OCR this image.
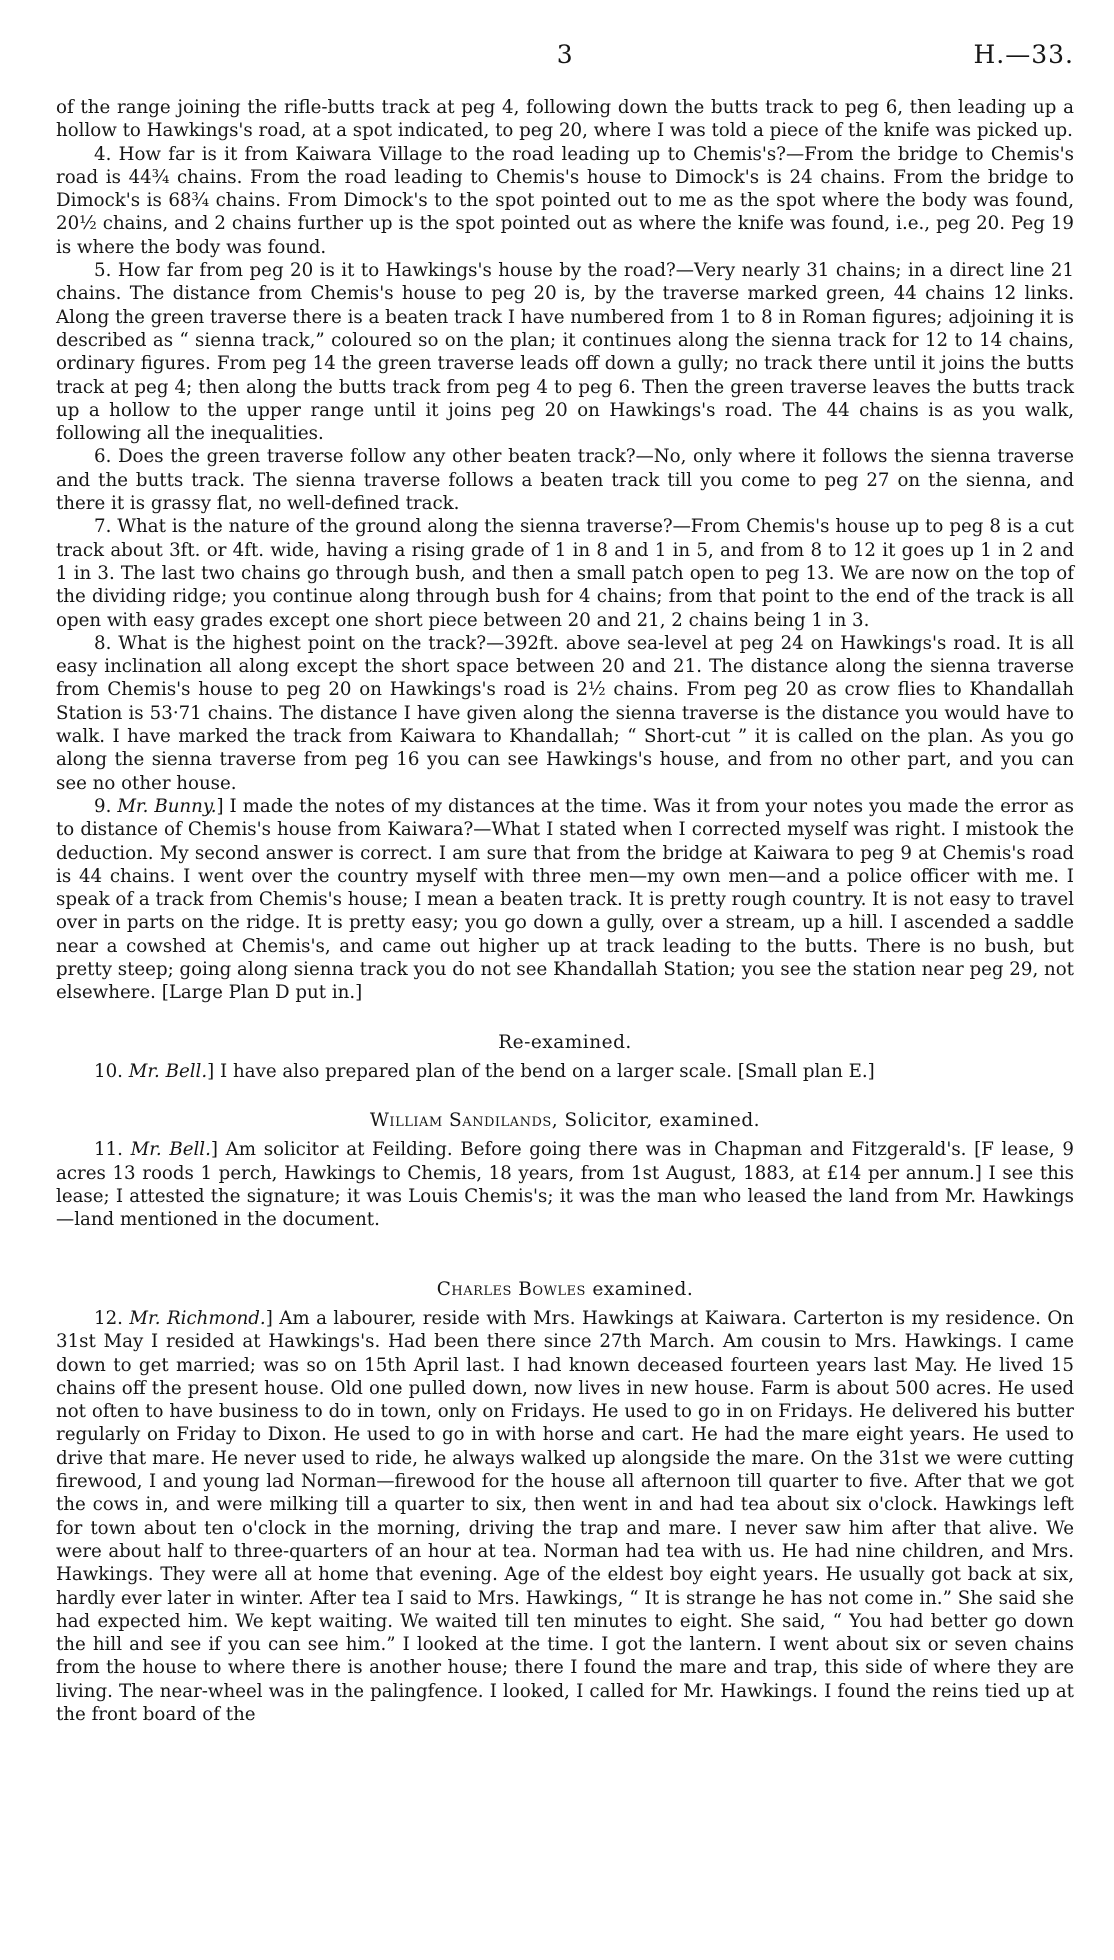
3	H.—33.

of the range joining the rifle-butts track at peg 4, following down the butts track to peg 6, then leading up a hollow to Hawkings's road, at a spot indicated, to peg 20, where I was told a piece of the knife was picked up.

4. How far is it from Kaiwara Village to the road leading up to Chemis's?—From the bridge to Chemis's road is 44¾ chains. From the road leading to Chemis's house to Dimock's is 24 chains. From the bridge to Dimock's is 68¾ chains. From Dimock's to the spot pointed out to me as the spot where the body was found, 20½ chains, and 2 chains further up is the spot pointed out as where the knife was found, i.e., peg 20. Peg 19 is where the body was found.

5. How far from peg 20 is it to Hawkings's house by the road?—Very nearly 31 chains; in a direct line 21 chains. The distance from Chemis's house to peg 20 is, by the traverse marked green, 44 chains 12 links. Along the green traverse there is a beaten track I have numbered from 1 to 8 in Roman figures; adjoining it is described as “ sienna track,” coloured so on the plan; it continues along the sienna track for 12 to 14 chains, ordinary figures. From peg 14 the green traverse leads off down a gully; no track there until it joins the butts track at peg 4; then along the butts track from peg 4 to peg 6. Then the green traverse leaves the butts track up a hollow to the upper range until it joins peg 20 on Hawkings's road. The 44 chains is as you walk, following all the inequalities.

6. Does the green traverse follow any other beaten track?—No, only where it follows the sienna traverse and the butts track. The sienna traverse follows a beaten track till you come to peg 27 on the sienna, and there it is grassy flat, no well-defined track.

7. What is the nature of the ground along the sienna traverse?—From Chemis's house up to peg 8 is a cut track about 3ft. or 4ft. wide, having a rising grade of 1 in 8 and 1 in 5, and from 8 to 12 it goes up 1 in 2 and 1 in 3. The last two chains go through bush, and then a small patch open to peg 13. We are now on the top of the dividing ridge; you continue along through bush for 4 chains; from that point to the end of the track is all open with easy grades except one short piece between 20 and 21, 2 chains being 1 in 3.

8. What is the highest point on the track?—392ft. above sea-level at peg 24 on Hawkings's road. It is all easy inclination all along except the short space between 20 and 21. The distance along the sienna traverse from Chemis's house to peg 20 on Hawkings's road is 2½ chains. From peg 20 as crow flies to Khandallah Station is 53·71 chains. The distance I have given along the sienna traverse is the distance you would have to walk. I have marked the track from Kaiwara to Khandallah; “ Short-cut ” it is called on the plan. As you go along the sienna traverse from peg 16 you can see Hawkings's house, and from no other part, and you can see no other house.

9. Mr. Bunny.] I made the notes of my distances at the time. Was it from your notes you made the error as to distance of Chemis's house from Kaiwara?—What I stated when I corrected myself was right. I mistook the deduction. My second answer is correct. I am sure that from the bridge at Kaiwara to peg 9 at Chemis's road is 44 chains. I went over the country myself with three men—my own men—and a police officer with me. I speak of a track from Chemis's house; I mean a beaten track. It is pretty rough country. It is not easy to travel over in parts on the ridge. It is pretty easy; you go down a gully, over a stream, up a hill. I ascended a saddle near a cowshed at Chemis's, and came out higher up at track leading to the butts. There is no bush, but pretty steep; going along sienna track you do not see Khandallah Station; you see the station near peg 29, not elsewhere. [Large Plan D put in.]

Re-examined.

10. Mr. Bell.] I have also prepared plan of the bend on a larger scale. [Small plan E.]

William Sandilands, Solicitor, examined.

11. Mr. Bell.] Am solicitor at Feilding. Before going there was in Chapman and Fitzgerald's. [F lease, 9 acres 13 roods 1 perch, Hawkings to Chemis, 18 years, from 1st August, 1883, at £14 per annum.] I see this lease; I attested the signature; it was Louis Chemis's; it was the man who leased the land from Mr. Hawkings—land mentioned in the document.

Charles Bowles examined.

12. Mr. Richmond.] Am a labourer, reside with Mrs. Hawkings at Kaiwara. Carterton is my residence. On 31st May I resided at Hawkings's. Had been there since 27th March. Am cousin to Mrs. Hawkings. I came down to get married; was so on 15th April last. I had known deceased fourteen years last May. He lived 15 chains off the present house. Old one pulled down, now lives in new house. Farm is about 500 acres. He used not often to have business to do in town, only on Fridays. He used to go in on Fridays. He delivered his butter regularly on Friday to Dixon. He used to go in with horse and cart. He had the mare eight years. He used to drive that mare. He never used to ride, he always walked up alongside the mare. On the 31st we were cutting firewood, I and young lad Norman—firewood for the house all afternoon till quarter to five. After that we got the cows in, and were milking till a quarter to six, then went in and had tea about six o'clock. Hawkings left for town about ten o'clock in the morning, driving the trap and mare. I never saw him after that alive. We were about half to three-quarters of an hour at tea. Norman had tea with us. He had nine children, and Mrs. Hawkings. They were all at home that evening. Age of the eldest boy eight years. He usually got back at six, hardly ever later in winter. After tea I said to Mrs. Hawkings, “ It is strange he has not come in.” She said she had expected him. We kept waiting. We waited till ten minutes to eight. She said, “ You had better go down the hill and see if you can see him.” I looked at the time. I got the lantern. I went about six or seven chains from the house to where there is another house; there I found the mare and trap, this side of where they are living. The near-wheel was in the palingfence. I looked, I called for Mr. Hawkings. I found the reins tied up at the front board of the
